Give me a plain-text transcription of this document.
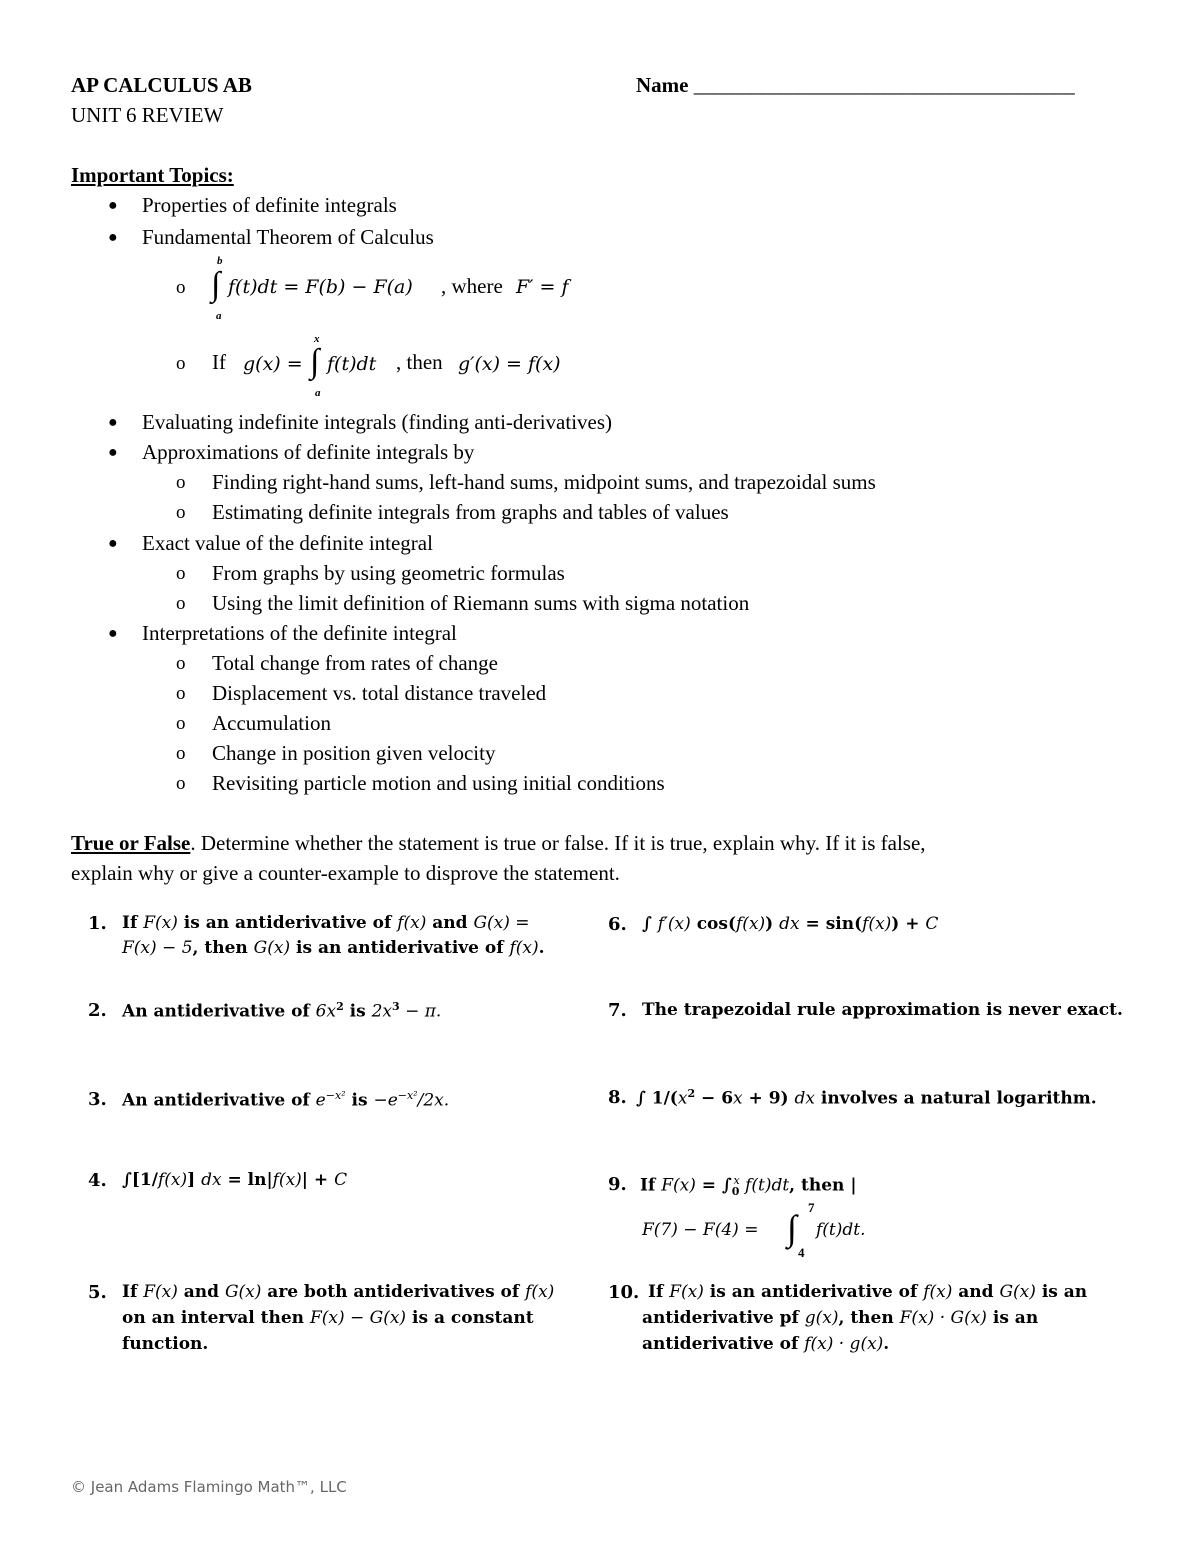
AP CALCULUS AB
UNIT 6 REVIEW
Name ________________________________________
Important Topics:
● Properties of definite integrals
● Fundamental Theorem of Calculus
o
b
∫
a
f(t)dt = F(b) − F(a) , where F′ = f
o If g(x) =
x
∫
a
f(t)dt , then g′(x) = f(x)
● Evaluating indefinite integrals (finding anti-derivatives)
● Approximations of definite integrals by
o Finding right-hand sums, left-hand sums, midpoint sums, and trapezoidal sums
o Estimating definite integrals from graphs and tables of values
● Exact value of the definite integral
o From graphs by using geometric formulas
o Using the limit definition of Riemann sums with sigma notation
● Interpretations of the definite integral
o Total change from rates of change
o Displacement vs. total distance traveled
o Accumulation
o Change in position given velocity
o Revisiting particle motion and using initial conditions
True or False. Determine whether the statement is true or false. If it is true, explain why. If it is false,
explain why or give a counter-example to disprove the statement.
1. If F(x) is an antiderivative of f(x) and G(x) =
F(x) − 5, then G(x) is an antiderivative of f(x).
2. An antiderivative of $6x^2$ is $2x^3 - \pi$.
3. An antiderivative of $e^{-x^2}$ is $-e^{-x^2}/2x$.
4. ∫[1/f(x)] dx = ln|f(x)| + C
5. If F(x) and G(x) are both antiderivatives of f(x)
on an interval then F(x) − G(x) is a constant
function.
6. ∫ f′(x) cos(f(x)) dx = sin(f(x)) + C
7. The trapezoidal rule approximation is never exact.
8. ∫ $1/(x^2 - 6x + 9)$ dx involves a natural logarithm.
9. If $F(x) = \int_0^x$ f(t)dt, then |
F(7) − F(4) =
7
∫
4
f(t)dt.
10. If F(x) is an antiderivative of f(x) and G(x) is an
antiderivative pf g(x), then F(x) · G(x) is an
antiderivative of f(x) · g(x).
© Jean Adams Flamingo Math™, LLC
